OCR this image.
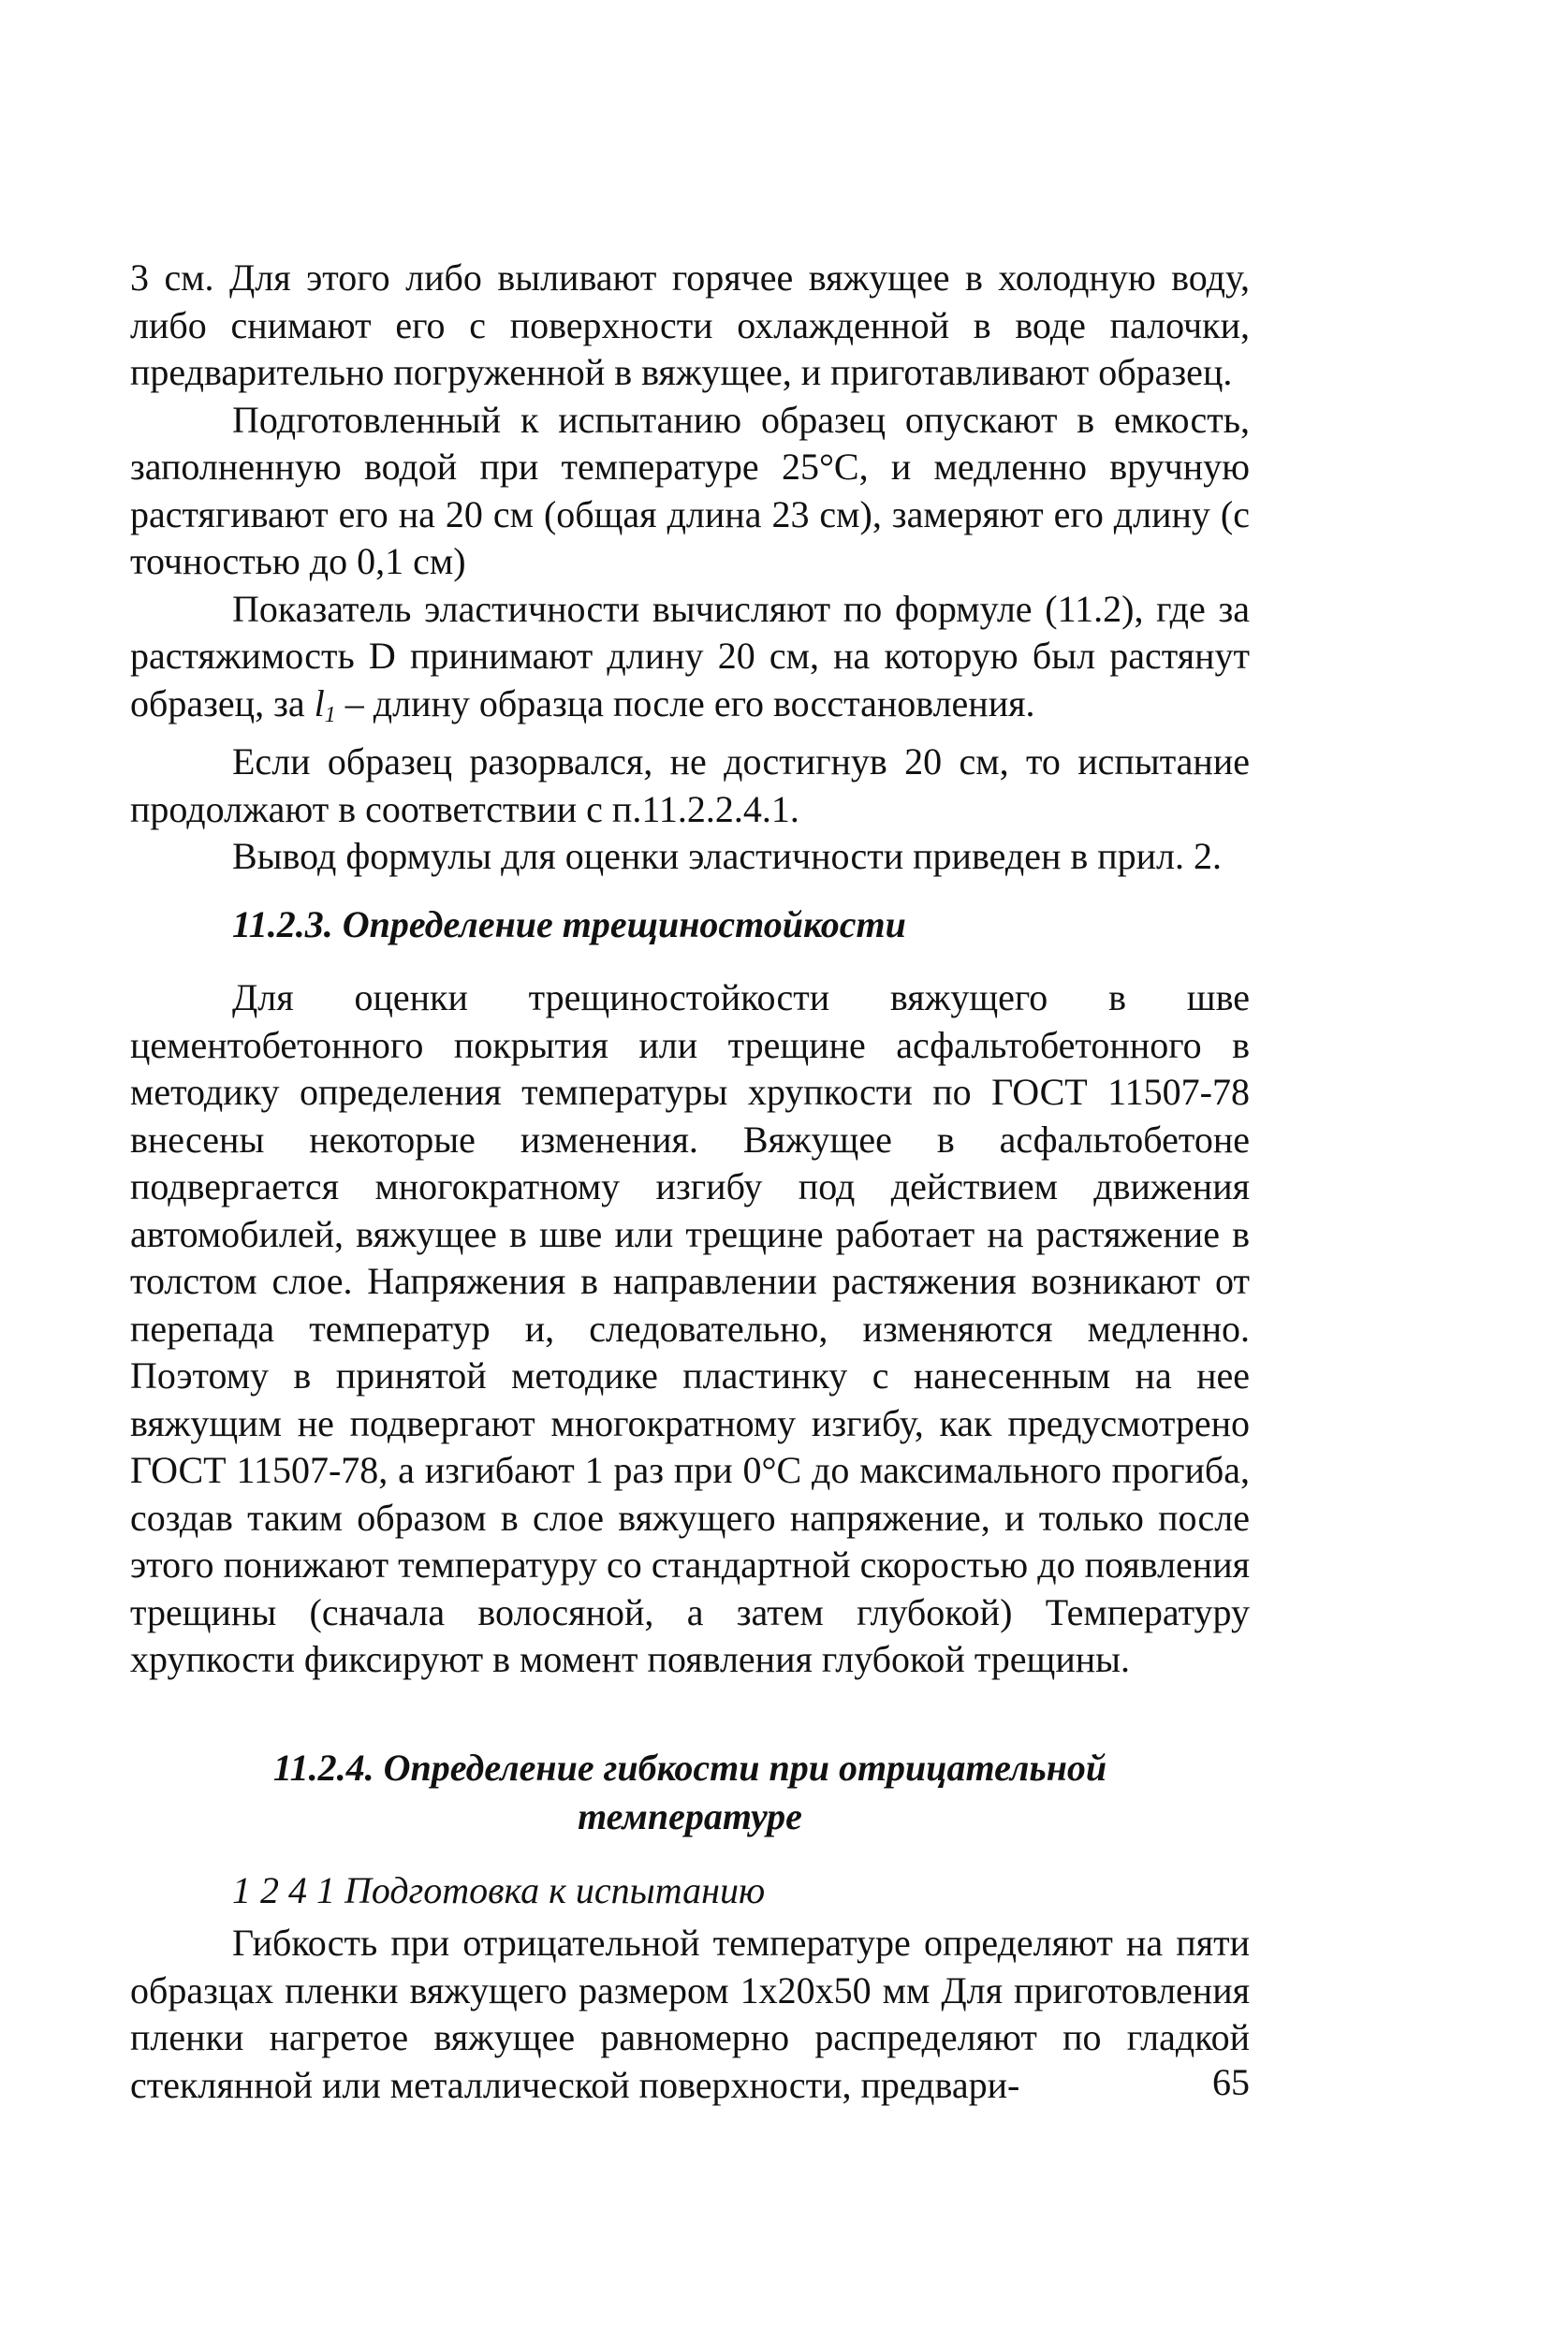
3 см. Для этого либо выливают горячее вяжущее в холодную воду, либо снимают его с поверхности охлажденной в воде палочки, предварительно погруженной в вяжущее, и приготавливают образец.

Подготовленный к испытанию образец опускают в емкость, заполненную водой при температуре 25°С, и медленно вручную растягивают его на 20 см (общая длина 23 см), замеряют его длину (с точностью до 0,1 см)

Показатель эластичности вычисляют по формуле (11.2), где за растяжимость D принимают длину 20 см, на которую был растянут образец, за $l_1$ – длину образца после его восстановления.

Если образец разорвался, не достигнув 20 см, то испытание продолжают в соответствии с п.11.2.2.4.1.

Вывод формулы для оценки эластичности приведен в прил. 2.

11.2.3. Определение трещиностойкости

Для оценки трещиностойкости вяжущего в шве цементобетонного покрытия или трещине асфальтобетонного в методику определения температуры хрупкости по ГОСТ 11507-78 внесены некоторые изменения. Вяжущее в асфальтобетоне подвергается многократному изгибу под действием движения автомобилей, вяжущее в шве или трещине работает на растяжение в толстом слое. Напряжения в направлении растяжения возникают от перепада температур и, следовательно, изменяются медленно. Поэтому в принятой методике пластинку с нанесенным на нее вяжущим не подвергают многократному изгибу, как предусмотрено ГОСТ 11507-78, а изгибают 1 раз при 0°С до максимального прогиба, создав таким образом в слое вяжущего напряжение, и только после этого понижают температуру со стандартной скоростью до появления трещины (сначала волосяной, а затем глубокой) Температуру хрупкости фиксируют в момент появления глубокой трещины.

11.2.4. Определение гибкости при отрицательной
температуре
1 2 4 1 Подготовка к испытанию

Гибкость при отрицательной температуре определяют на пяти образцах пленки вяжущего размером 1х20х50 мм Для приготовления пленки нагретое вяжущее равномерно распределяют по гладкой стеклянной или металлической поверхности, предвари-	65
